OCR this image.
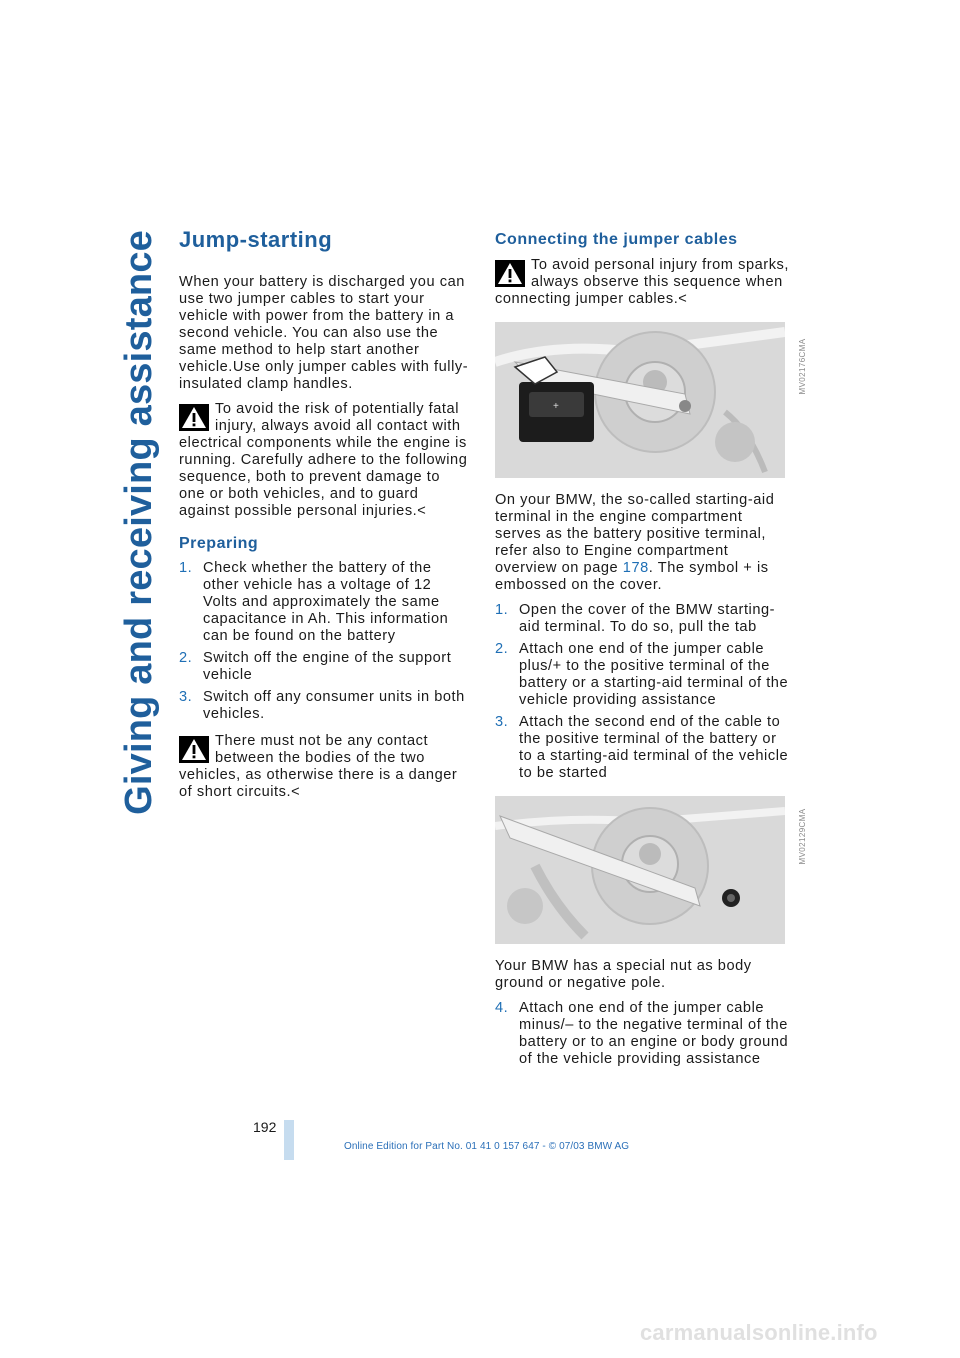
Giving and receiving assistance Jump-starting

When your battery is discharged you can use two jumper cables to start your vehicle with power from the battery in a second vehicle. You can also use the same method to help start another vehicle.Use only jumper cables with fully-insulated clamp handles.

To avoid the risk of potentially fatal injury, always avoid all contact with electrical components while the engine is running. Carefully adhere to the following sequence, both to prevent damage to one or both vehicles, and to guard against possible personal injuries.<
Preparing
1. Check whether the battery of the other vehicle has a voltage of 12 Volts and approximately the same capacitance in Ah. This information can be found on the battery
2. Switch off the engine of the support vehicle
3. Switch off any consumer units in both vehicles.
There must not be any contact between the bodies of the two vehicles, as otherwise there is a danger of short circuits.<
Connecting the jumper cables
To avoid personal injury from sparks, always observe this sequence when connecting jumper cables.<
+
MV02176CMA

On your BMW, the so-called starting-aid terminal in the engine compartment serves as the battery positive terminal, refer also to Engine compartment overview on page 178. The symbol + is embossed on the cover.

1. Open the cover of the BMW starting-aid terminal. To do so, pull the tab
2. Attach one end of the jumper cable plus/+ to the positive terminal of the battery or a starting-aid terminal of the vehicle providing assistance
3. Attach the second end of the cable to the positive terminal of the battery or to a starting-aid terminal of the vehicle to be started
MV02129CMA

Your BMW has a special nut as body ground or negative pole.

4. Attach one end of the jumper cable minus/– to the negative terminal of the battery or to an engine or body ground of the vehicle providing assistance
192
Online Edition for Part No. 01 41 0 157 647 - © 07/03 BMW AG
carmanualsonline.info
